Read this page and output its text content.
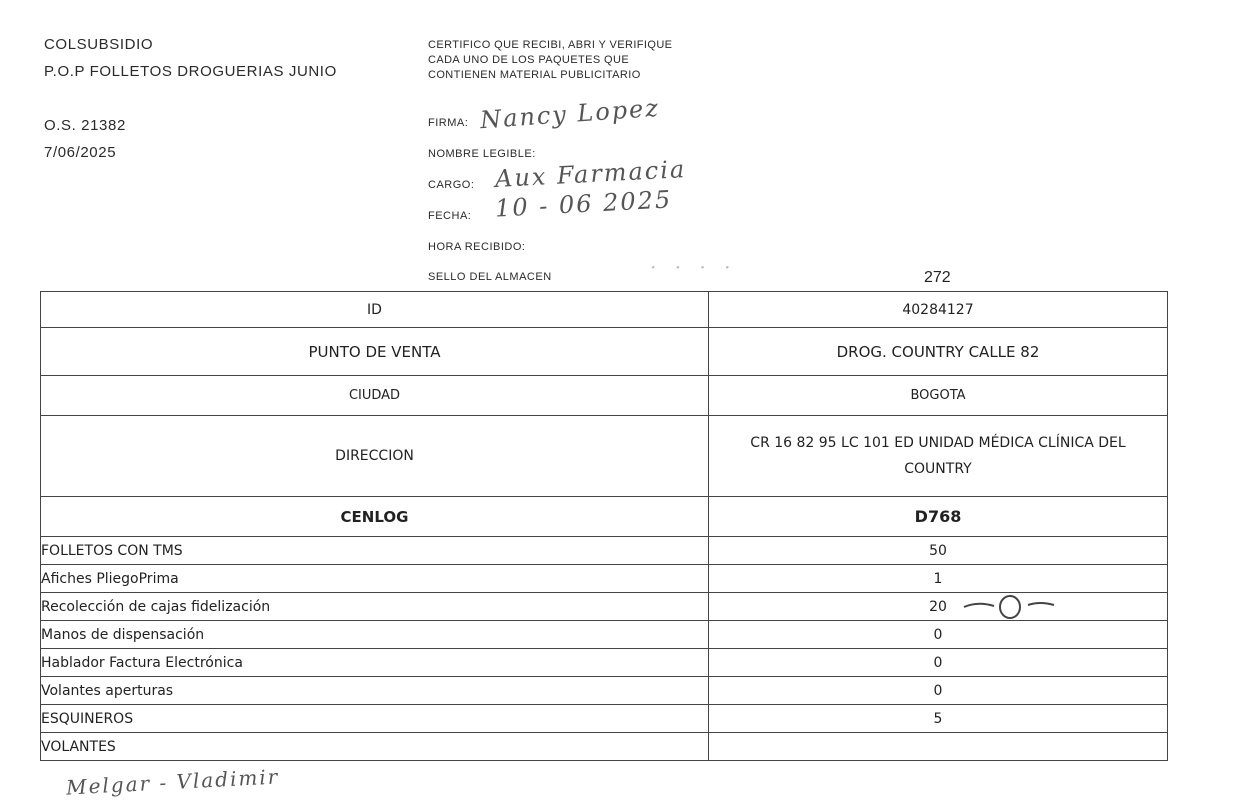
COLSUBSIDIO
P.O.P FOLLETOS DROGUERIAS JUNIO
O.S. 21382
7/06/2025
CERTIFICO QUE RECIBI, ABRI Y VERIFIQUE CADA UNO DE LOS PAQUETES QUE CONTIENEN MATERIAL PUBLICITARIO
FIRMA: Nancy Lopez
NOMBRE LEGIBLE:
CARGO: Aux Farmacia
FECHA: 10 - 06 2025
HORA RECIBIDO:
SELLO DEL ALMACEN	· · · ·	272
ID	40284127
PUNTO DE VENTA	DROG. COUNTRY CALLE 82
CIUDAD	BOGOTA
DIRECCION	CR 16 82 95 LC 101 ED UNIDAD MÉDICA CLÍNICA DEL COUNTRY
CENLOG	D768
FOLLETOS CON TMS	50
Afiches PliegoPrima	1
Recolección de cajas fidelización	20
Manos de dispensación	0
Hablador Factura Electrónica	0
Volantes aperturas	0
ESQUINEROS	5
VOLANTES	
Melgar - Vladimir
